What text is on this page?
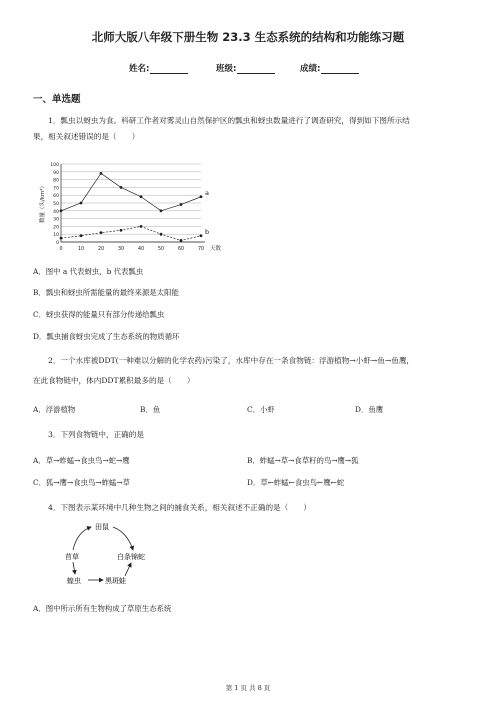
北师大版八年级下册生物 23.3 生态系统的结构和功能练习题
姓名:	班级:	成绩:
一、单选题
1．瓢虫以蚜虫为食。科研工作者对雾灵山自然保护区的瓢虫和蚜虫数量进行了调查研究，得到如下图所示结
果，相关叙述错误的是（　　）
0
10
20
30
40
50
60
70
80
90
100
0	10	20	30	40	50	60	70 天数
数量（头/km²）	a
b
A．图中 a 代表蚜虫，b 代表瓢虫
B．瓢虫和蚜虫所需能量的最终来源是太阳能
C．蚜虫获得的能量只有部分传递给瓢虫
D．瓢虫捕食蚜虫完成了生态系统的物质循环
2．一个水库被DDT(一种难以分解的化学农药)污染了，水库中存在一条食物链：浮游植物→小虾→鱼→鱼鹰，
在此食物链中，体内DDT累积最多的是（　　）
A．浮游植物	B．鱼	C．小虾	D．鱼鹰
3．下列食物链中，正确的是
A．草→蚱蜢→食虫鸟→蛇→鹰	B．蚱蜢→草→食草籽的鸟→鹰→狐
C．狐→鹰→食虫鸟→蚱蜢→草	D．草←蚱蜢←食虫鸟←鹰←蛇
4．下图表示某环境中几种生物之间的捕食关系，相关叙述不正确的是（　　）
田鼠
苜草	白条锦蛇
蝗虫	黑斑蛙
A．图中所示所有生物构成了草原生态系统
第 1 页 共 8 页
